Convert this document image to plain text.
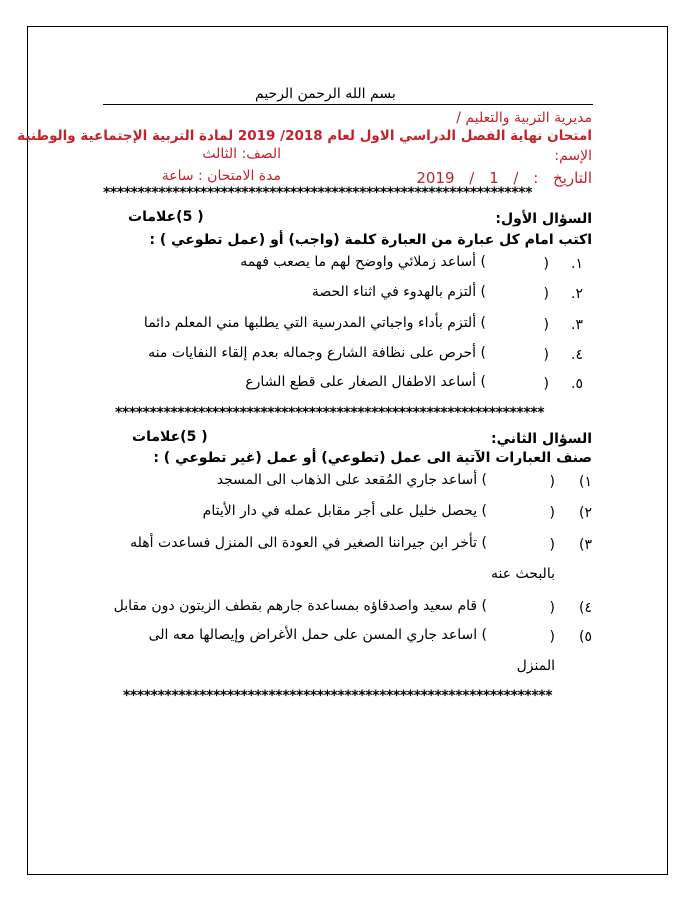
بسم الله الرحمن الرحيم
مديرية التربية والتعليم /
امتحان نهاية الفصل الدراسي الاول لعام 2018/ 2019 لمادة التربية الإجتماعية والوطنية
الإسم:
الصف: الثالث
التاريخ : / 1 / 2019
مدة الامتحان : ساعة
**************************************************************
السؤال الأول:
( 5)علامات
اكتب امام كل عبارة من العبارة كلمة (واجب) أو (عمل تطوعي ) :
١.
(
) أساعد زملائي واوضح لهم ما يصعب فهمه
٢.
(
) ألتزم بالهدوء في اثناء الحصة
٣.
(
) ألتزم بأداء واجباتي المدرسية التي يطلبها مني المعلم دائما
٤.
(
) أحرص على نظافة الشارع وجماله بعدم إلقاء النفايات منه
٥.
(
) أساعد الاطفال الصغار على قطع الشارع
**************************************************************
السؤال الثاني:
( 5)علامات
صنف العبارات الآتية الى عمل (تطوعي) أو عمل (غير تطوعي ) :
١)
(
) أساعد جاري المُقعد على الذهاب الى المسجد
٢)
(
) يحصل خليل على أجر مقابل عمله في دار الأيتام
٣)
(
) تأخر ابن جيراننا الصغير في العودة الى المنزل فساعدت أهله
بالبحث عنه
٤)
(
) قام سعيد واصدقاؤه بمساعدة جارهم بقطف الزيتون دون مقابل
٥)
(
) اساعد جاري المسن على حمل الأغراض وإيصالها معه الى
المنزل
**************************************************************
